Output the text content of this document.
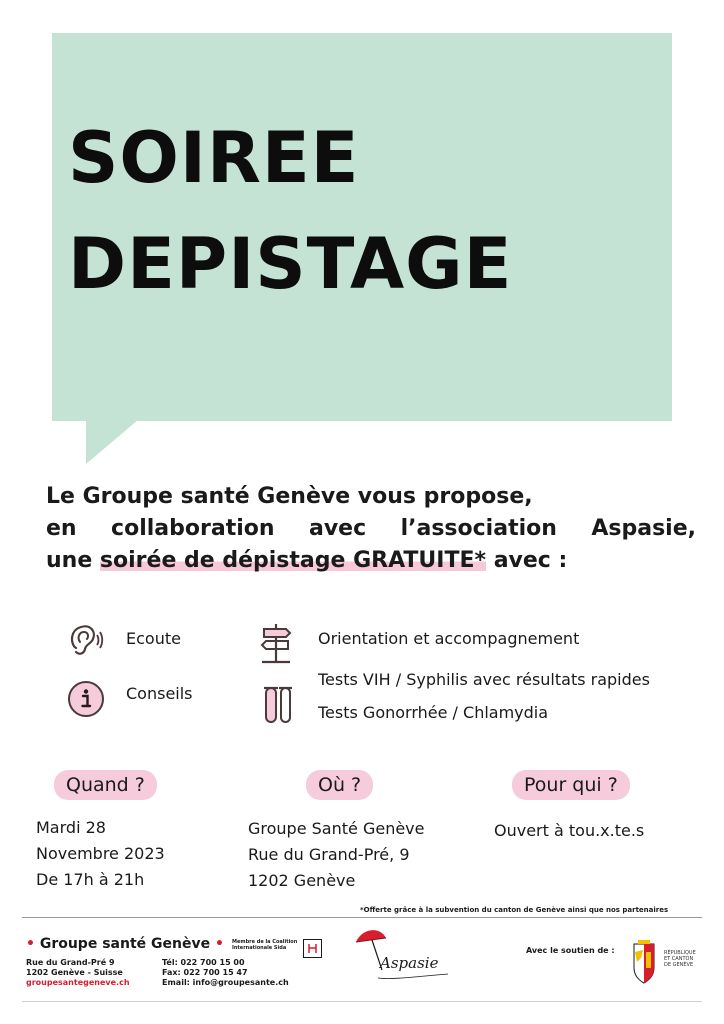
SOIREE
DEPISTAGE
Le Groupe santé Genève vous propose,
en collaboration avec l’association Aspasie,
une soirée de dépistage GRATUITE* avec :
Ecoute
Conseils
Orientation et accompagnement
Tests VIH / Syphilis avec résultats rapides
Tests Gonorrhée / Chlamydia
Quand ?
Mardi 28
Novembre 2023
De 17h à 21h
Où ?
Groupe Santé Genève
Rue du Grand-Pré, 9
1202 Genève
Pour qui ?
Ouvert à tou.x.te.s
*Offerte grâce à la subvention du canton de Genève ainsi que nos partenaires
• Groupe santé Genève • Membre de la Coalition Internationale Sida
Rue du Grand-Pré 9
1202 Genève - Suisse
groupesantegeneve.ch
Tél: 022 700 15 00
Fax: 022 700 15 47
Email: info@groupesante.ch
Aspasie
Avec le soutien de :	RÉPUBLIQUE
ET CANTON
DE GENÈVE
